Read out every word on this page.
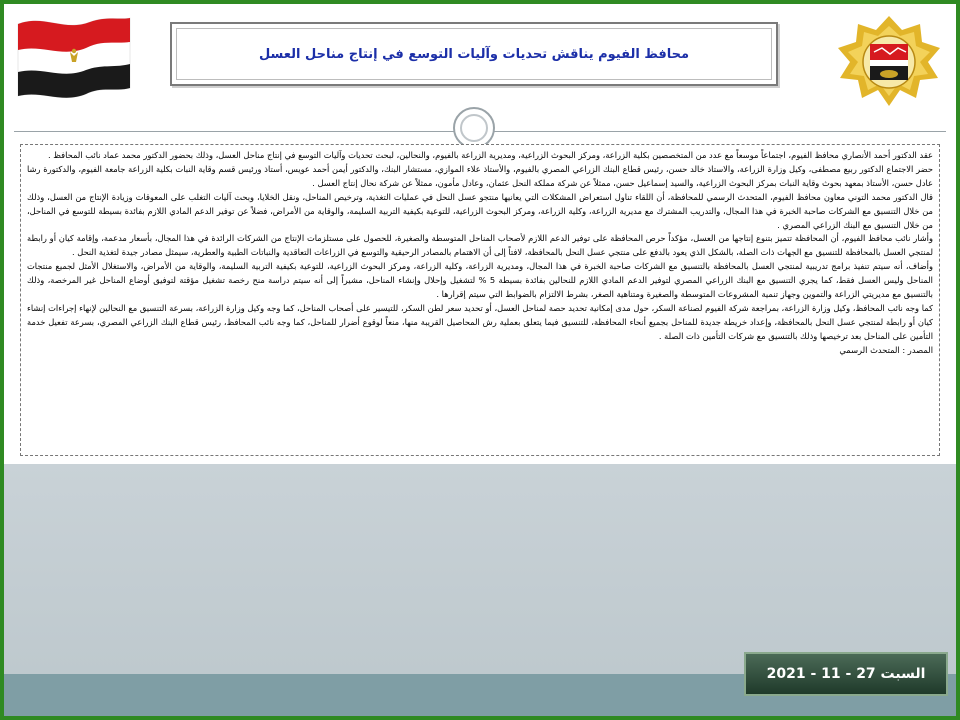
محافظ الفيوم يناقش تحديات وآليات التوسع في إنتاج مناحل العسل

عقد الدكتور أحمد الأنصاري محافظ الفيوم، اجتماعاً موسعاً مع عدد من المتخصصين بكلية الزراعة، ومركز البحوث الزراعية، ومديرية الزراعة بالفيوم، والنحالين، لبحث تحديات وآليات التوسع في إنتاج مناحل العسل، وذلك بحضور الدكتور محمد عماد نائب المحافظ .

حضر الاجتماع الدكتور ربيع مصطفى، وكيل وزارة الزراعة، والاستاذ خالد حسن، رئيس قطاع البنك الزراعي المصري بالفيوم، والأستاذ علاء الموازي، مستشار البنك، والدكتور أيمن أحمد عويس، أستاذ ورئيس قسم وقاية النبات بكلية الزراعة جامعة الفيوم، والدكتورة رشا عادل حسن، الأستاذ بمعهد بحوث وقاية النبات بمركز البحوث الزراعية، والسيد إسماعيل حسن، ممثلاً عن شركة مملكة النحل عثمان، وعادل مأمون، ممثلاً عن شركة نحال إنتاج العسل .

قال الدكتور محمد التوني معاون محافظ الفيوم، المتحدث الرسمي للمحافظة، أن اللقاء تناول استعراض المشكلات التي يعانيها منتجو عسل النحل في عمليات التغذية، وترخيص المناحل، ونقل الخلايا، وبحث آليات التغلب على المعوقات وزيادة الإنتاج من العسل، وذلك من خلال التنسيق مع الشركات صاحبة الخبرة في هذا المجال، والتدريب المشترك مع مديرية الزراعة، وكلية الزراعة، ومركز البحوث الزراعية، للتوعية بكيفية التربية السليمة، والوقاية من الأمراض، فضلاً عن توفير الدعم المادي اللازم بفائدة بسيطة للتوسع في المناحل، من خلال التنسيق مع البنك الزراعي المصري .

وأشار نائب محافظ الفيوم، أن المحافظة تتميز بتنوع إنتاجها من العسل، مؤكداً حرص المحافظة على توفير الدعم اللازم لأصحاب المناحل المتوسطة والصغيرة، للحصول على مستلزمات الإنتاج من الشركات الرائدة في هذا المجال، بأسعار مدعمة، وإقامة كيان أو رابطة لمنتجي العسل بالمحافظة للتنسيق مع الجهات ذات الصلة، بالشكل الذي يعود بالدفع على منتجي عسل النحل بالمحافظة، لافتاً إلى أن الاهتمام بالمصادر الرحيقية والتوسع في الزراعات التعاقدية والنباتات الطبية والعطرية، سيمثل مصادر جيدة لتغذية النحل .

وأضاف، أنه سيتم تنفيذ برامج تدريبية لمنتجي العسل بالمحافظة بالتنسيق مع الشركات صاحبة الخبرة في هذا المجال، ومديرية الزراعة، وكلية الزراعة، ومركز البحوث الزراعية، للتوعية بكيفية التربية السليمة، والوقاية من الأمراض، والاستغلال الأمثل لجميع منتجات المناحل وليس العسل فقط، كما يجري التنسيق مع البنك الزراعي المصري لتوفير الدعم المادي اللازم للنحالين بفائدة بسيطة 5 % لتشغيل وإحلال وإنشاء المناحل، مشيراً إلى أنه سيتم دراسة منح رخصة تشغيل مؤقتة لتوفيق أوضاع المناحل غير المرخصة، وذلك بالتنسيق مع مديريتي الزراعة والتموين وجهاز تنمية المشروعات المتوسطة والصغيرة ومتناهية الصغر، بشرط الالتزام بالضوابط التي سيتم إقرارها .

كما وجه نائب المحافظ، وكيل وزارة الزراعة، بمراجعة شركة الفيوم لصناعة السكر، حول مدى إمكانية تحديد حصة لمناحل العسل، أو تحديد سعر لطن السكر، للتيسير على أصحاب المناحل، كما وجه وكيل وزارة الزراعة، بسرعة التنسيق مع النحالين لإنهاء إجراءات إنشاء كيان أو رابطة لمنتجي عسل النحل بالمحافظة، وإعداد خريطة جديدة للمناحل بجميع أنحاء المحافظة، للتنسيق فيما يتعلق بعملية رش المحاصيل القريبة منها، منعاً لوقوع أضرار للمناحل، كما وجه نائب المحافظ، رئيس قطاع البنك الزراعي المصري، بسرعة تفعيل خدمة التأمين على المناحل بعد ترخيصها وذلك بالتنسيق مع شركات التأمين ذات الصلة .

المصدر : المتحدث الرسمي

السبت 27 - 11 - 2021
